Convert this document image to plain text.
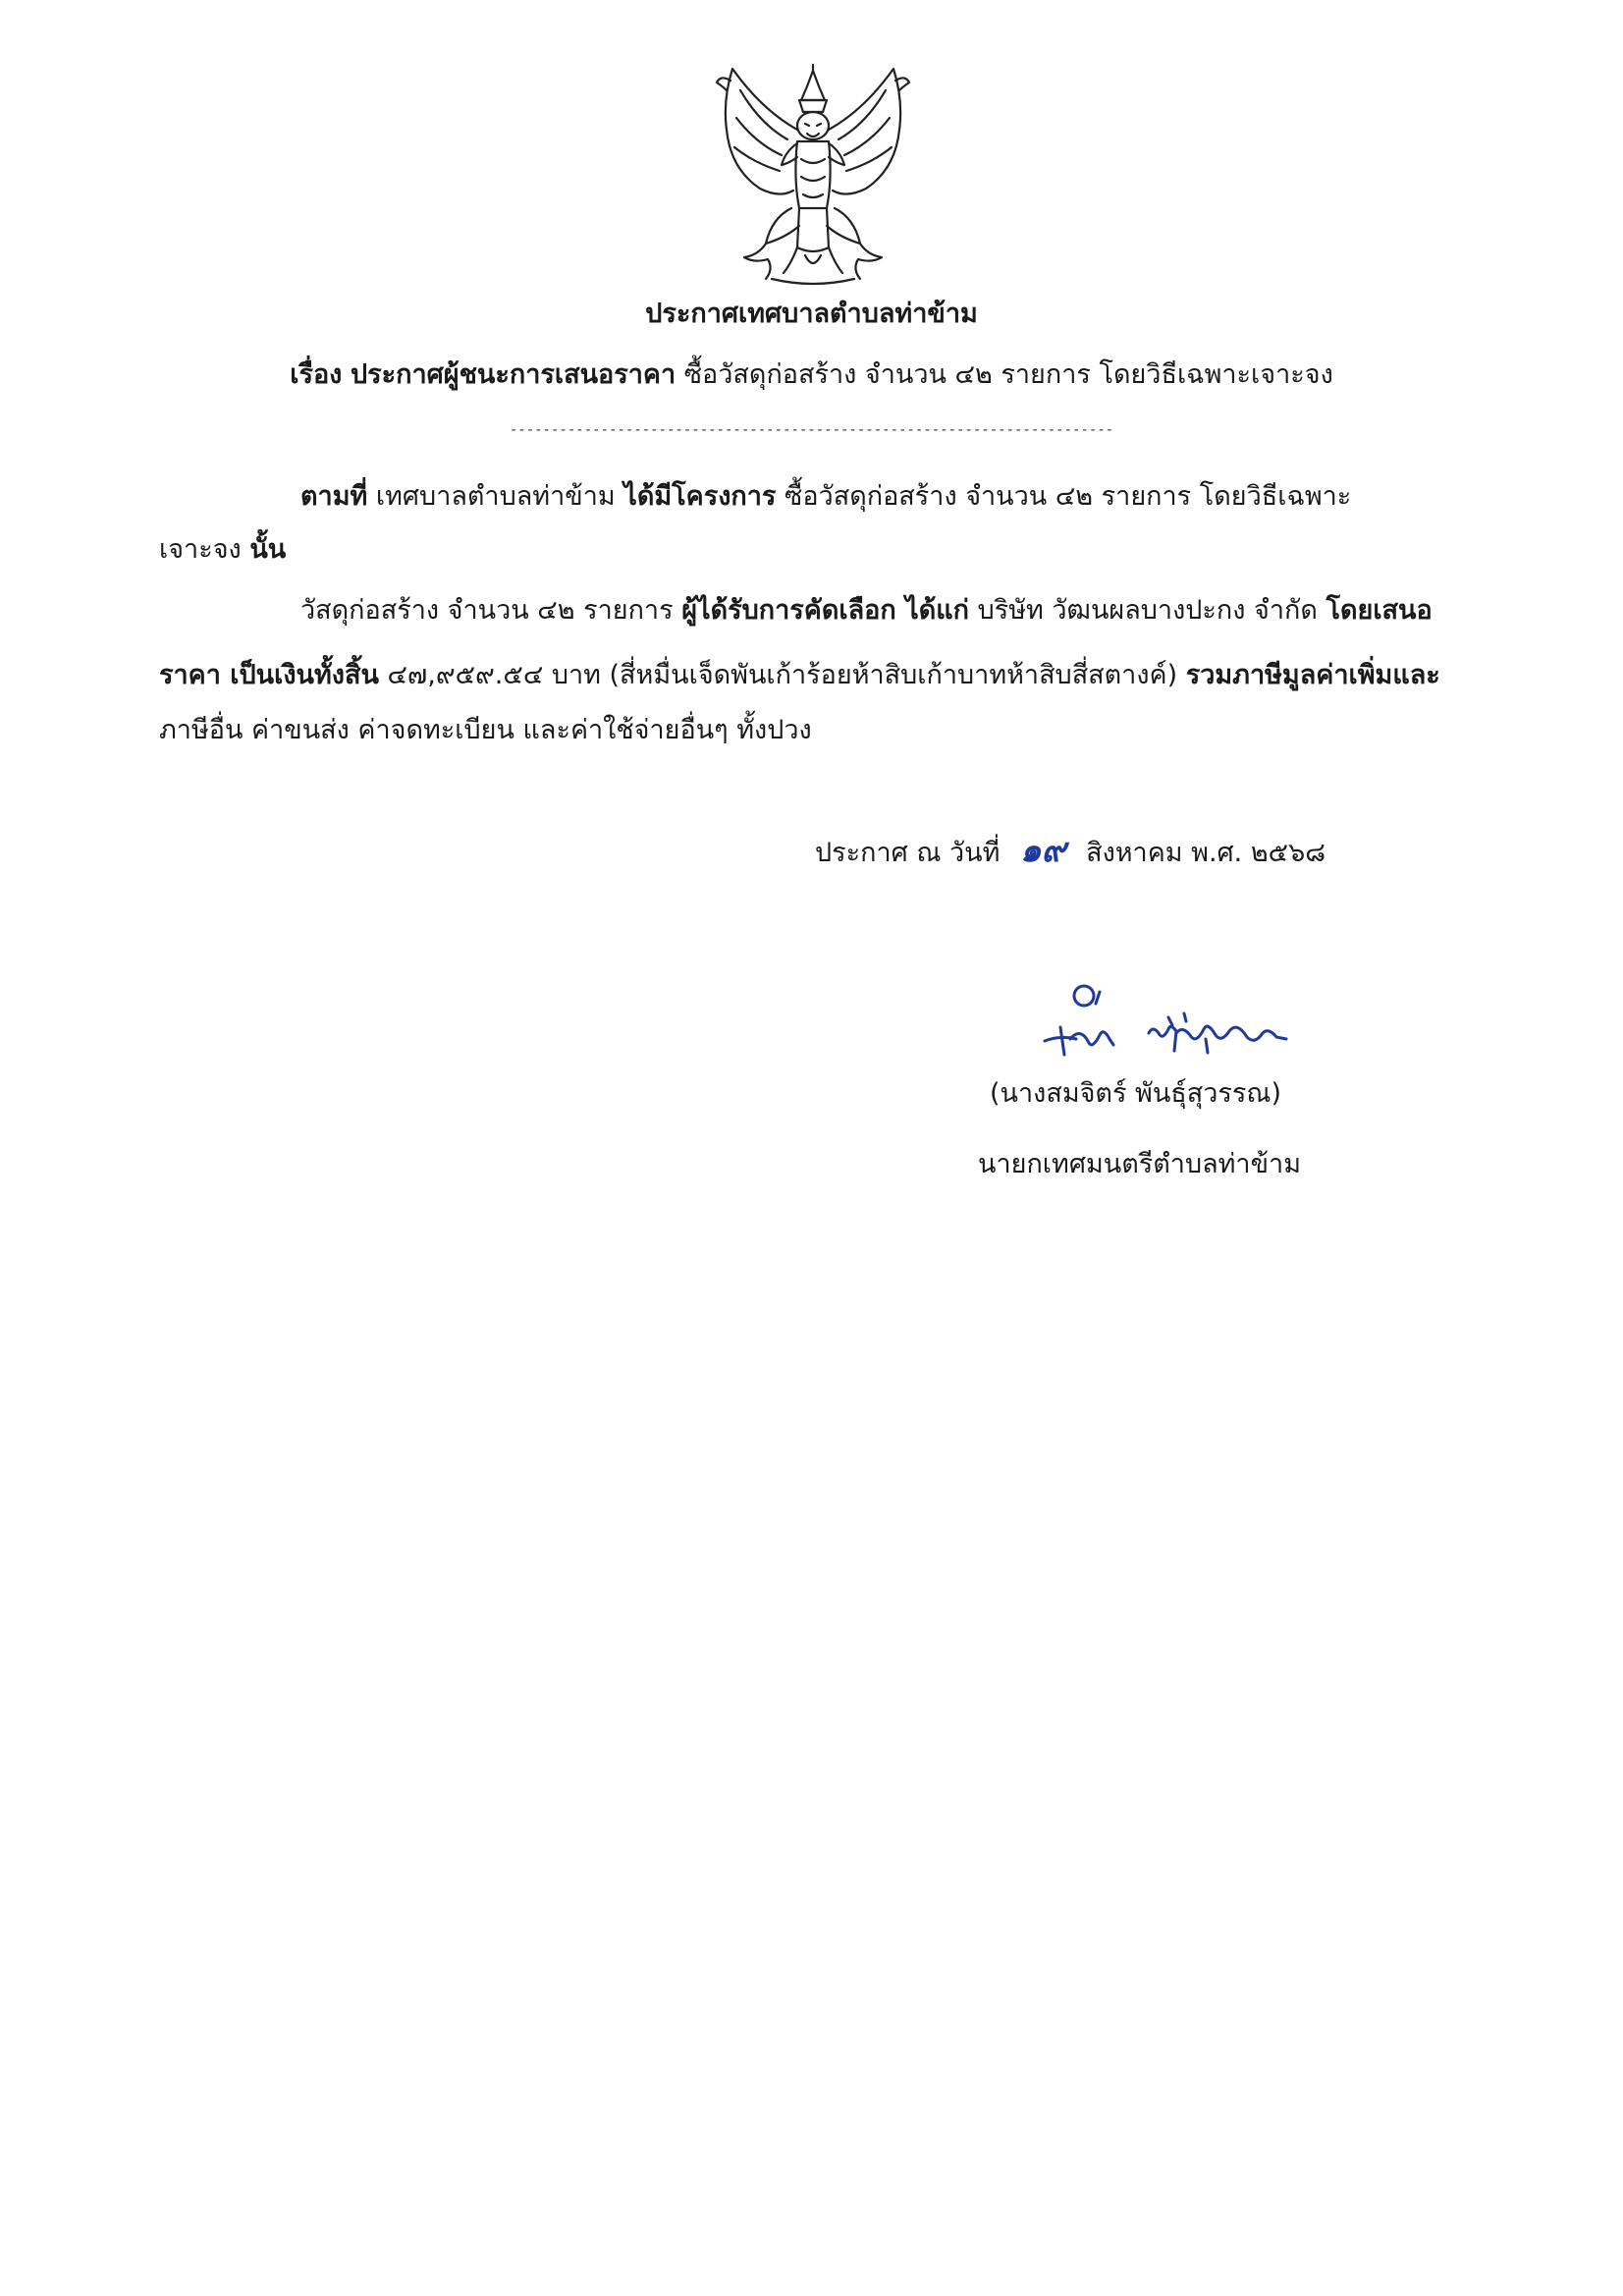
ประกาศเทศบาลตำบลท่าข้าม
เรื่อง ประกาศผู้ชนะการเสนอราคา ซื้อวัสดุก่อสร้าง จำนวน ๔๒ รายการ โดยวิธีเฉพาะเจาะจง
-------------------------------------------------------------------------
ตามที่ เทศบาลตำบลท่าข้าม ได้มีโครงการ ซื้อวัสดุก่อสร้าง จำนวน ๔๒ รายการ โดยวิธีเฉพาะ
เจาะจง นั้น
วัสดุก่อสร้าง จำนวน ๔๒ รายการ ผู้ได้รับการคัดเลือก ได้แก่ บริษัท วัฒนผลบางปะกง จำกัด โดยเสนอ
ราคา เป็นเงินทั้งสิ้น ๔๗,๙๕๙.๕๔ บาท (สี่หมื่นเจ็ดพันเก้าร้อยห้าสิบเก้าบาทห้าสิบสี่สตางค์) รวมภาษีมูลค่าเพิ่มและ
ภาษีอื่น ค่าขนส่ง ค่าจดทะเบียน และค่าใช้จ่ายอื่นๆ ทั้งปวง
ประกาศ ณ วันที่ ๑๙ สิงหาคม พ.ศ. ๒๕๖๘
(นางสมจิตร์ พันธุ์สุวรรณ)
นายกเทศมนตรีตำบลท่าข้าม
